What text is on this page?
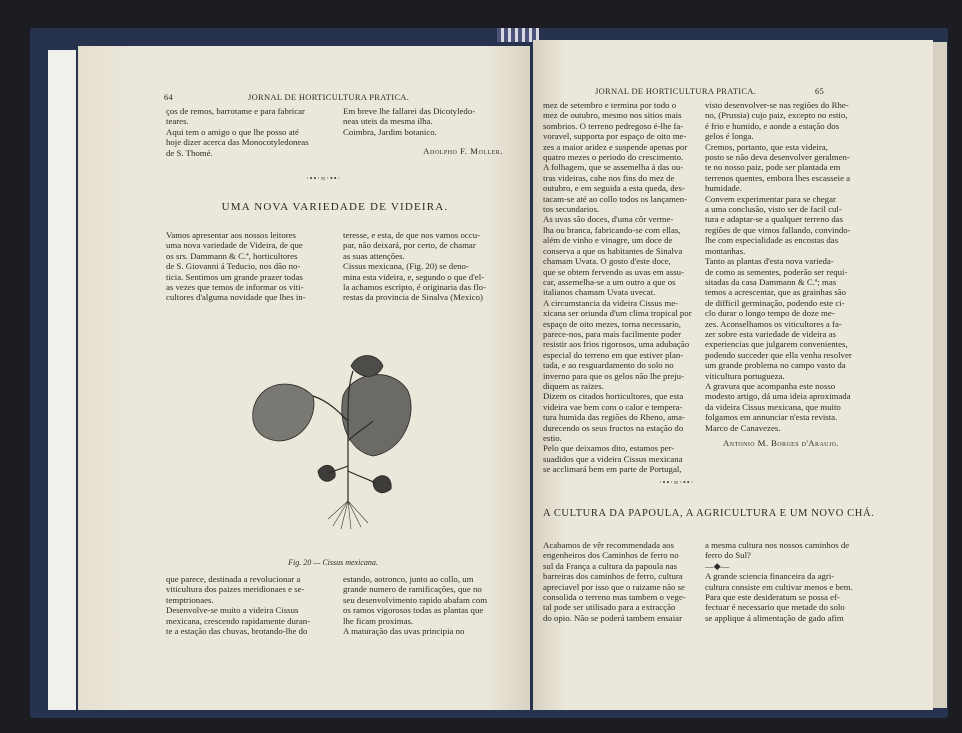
64	JORNAL DE HORTICULTURA PRATICA.

ços de remos, barrotame e para fabricar

teares.

Aqui tem o amigo o que lhe posso até

hoje dizer acerca das Monocotyledoneas

de S. Thomé.

Em breve lhe fallarei das Dicotyledo-

neas uteis da mesma ilha.

Coimbra, Jardim botanico.

Adolpho F. Moller.
·••·≈·••·
UMA NOVA VARIEDADE DE VIDEIRA.

Vamos apresentar aos nossos leitores

uma nova variedade de Videira, de que

os srs. Dammann & C.ª, horticultores

de S. Giovanni á Teducio, nos dão no-

ticia. Sentimos um grande prazer todas

as vezes que temos de informar os viti-

cultores d'alguma novidade que lhes in-

teresse, e esta, de que nos vamos occu-

par, não deixará, por certo, de chamar

as suas attenções.

Cissus mexicana, (Fig. 20) se deno-

mina esta videira, e, segundo o que d'el-

la achamos escripto, é originaria das flo-

restas da provincia de Sinalva (Mexico)

Fig. 20 — Cissus mexicana.

que parece, destinada a revolucionar a

viticultura dos paizes meridionaes e se-

temptrionaes.

Desenvolve-se muito a videira Cissus

mexicana, crescendo rapidamente duran-

te a estação das chuvas, brotando-lhe do

estando, aotronco, junto ao collo, um

grande numero de ramificações, que no

seu desenvolvimento rapido abafam com

os ramos vigorosos todas as plantas que

lhe ficam proximas.

A maturação das uvas principia no

JORNAL DE HORTICULTURA PRATICA.	65

mez de setembro e termina por todo o

mez de outubro, mesmo nos sitios mais

sombrios. O terreno pedregoso é-lhe fa-

voravel, supporta por espaço de oito me-

zes a maior aridez e suspende apenas por

quatro mezes o periodo do crescimento.

A folhagem, que se assemelha á das ou-

tras videiras, cahe nos fins do mez de

outubro, e em seguida a esta queda, des-

tacam-se até ao collo todos os lançamen-

tos secundarios.

As uvas são doces, d'uma côr verme-

lha ou branca, fabricando-se com ellas,

além de vinho e vinagre, um doce de

conserva a que os habitantes de Sinalva

chamam Uvata. O gosto d'este doce,

que se obtem fervendo as uvas em assu-

car, assemelha-se a um outro a que os

italianos chamam Uvata uvecat.

A circumstancia da videira Cissus me-

xicana ser oriunda d'um clima tropical por

espaço de oito mezes, torna necessario,

parece-nos, para mais facilmente poder

resistir aos frios rigorosos, uma adubação

especial do terreno em que estiver plan-

tada, e ao resguardamento do solo no

inverno para que os gelos não lhe preju-

diquem as raizes.

Dizem os citados horticultores, que esta

videira vae bem com o calor e tempera-

tura humida das regiões do Rheno, ama-

durecendo os seus fructos na estação do

estio.

Pelo que deixamos dito, estamos per-

suadidos que a videira Cissus mexicana

se acclimará bem em parte de Portugal,

visto desenvolver-se nas regiões do Rhe-

no, (Prussia) cujo paiz, excepto no estio,

é frio e humido, e aonde a estação dos

gelos é longa.

Cremos, portanto, que esta videira,

posto se não deva desenvolver geralmen-

te no nosso paiz, pode ser plantada em

terrenos quentes, embora lhes escasseie a

humidade.

Convem experimentar para se chegar

a uma conclusão, visto ser de facil cul-

tura e adaptar-se a qualquer terreno das

regiões de que vimos fallando, convindo-

lhe com especialidade as encostas das

montanhas.

Tanto as plantas d'esta nova varieda-

de como as sementes, poderão ser requi-

sitadas da casa Dammann & C.ª; mas

temos a acrescentar, que as grainhas são

de difficil germinação, podendo este ci-

clo durar o longo tempo de doze me-

zes. Aconselhamos os viticultores a fa-

zer sobre esta variedade de videira as

experiencias que julgarem convenientes,

podendo succeder que ella venha resolver

um grande problema no campo vasto da

viticultura portugueza.

A gravura que acompanha este nosso

modesto artigo, dá uma ideia aproximada

da videira Cissus mexicana, que muito

folgamos em annunciar n'esta revista.

Marco de Canavezes.

Antonio M. Borges d'Araujo.
·••·≈·••·
A CULTURA DA PAPOULA, A AGRICULTURA E UM NOVO CHÁ.

Acabamos de vêr recommendada aos

engenheiros dos Caminhos de ferro no

sul da França a cultura da papoula nas

barreiras dos caminhos de ferro, cultura

apreciavel por isso que o raizame não se

consolida o terreno mas tambem o vege-

tal pode ser utilisado para a extracção

do opio. Não se poderá tambem ensaiar

a mesma cultura nos nossos caminhos de

ferro do Sul?

—◆—

A grande sciencia financeira da agri-

cultura consiste em cultivar menos e bem.

Para que este desideratum se possa ef-

fectuar é necessario que metade do solo

se applique á alimentação de gado afim
